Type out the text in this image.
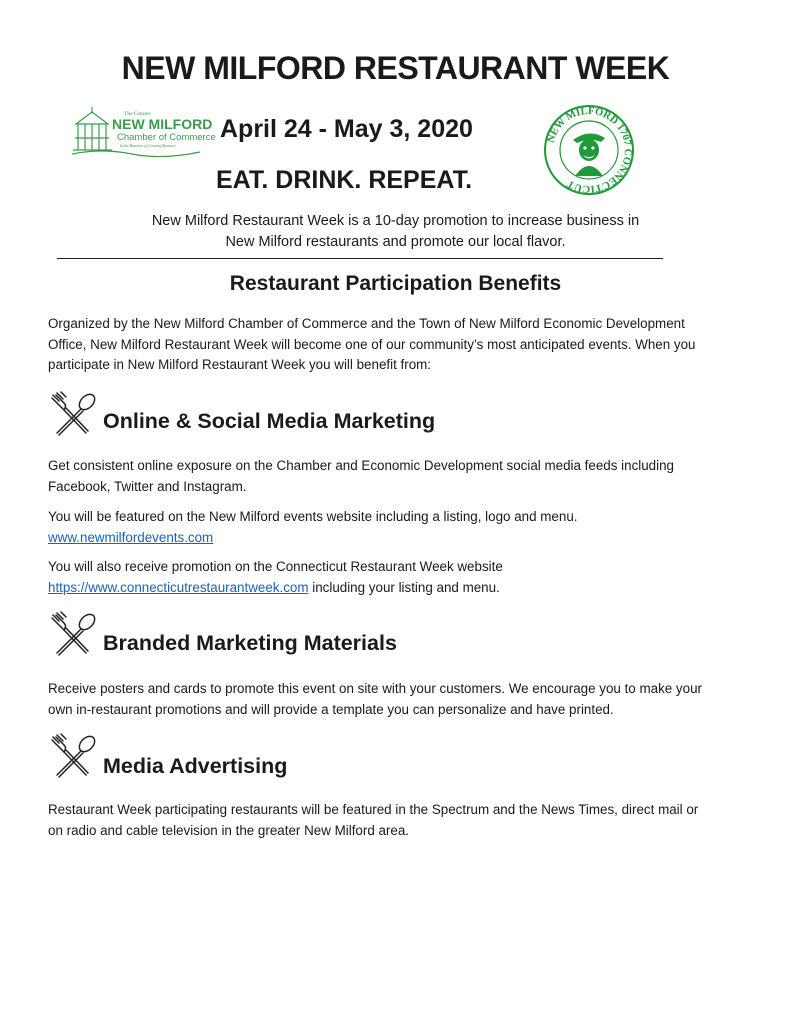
NEW MILFORD RESTAURANT WEEK
The Greater
NEW MILFORD
Chamber of Commerce
In the Business of Growing Business

April 24 - May 3, 2020

EAT. DRINK. REPEAT.

NEW MILFORD 1707 CONNECTICUT

New Milford Restaurant Week is a 10-day promotion to increase business in
New Milford restaurants and promote our local flavor.

Restaurant Participation Benefits

Organized by the New Milford Chamber of Commerce and the Town of New Milford Economic Development
Office, New Milford Restaurant Week will become one of our community’s most anticipated events. When you
participate in New Milford Restaurant Week you will benefit from:

Online & Social Media Marketing

Get consistent online exposure on the Chamber and Economic Development social media feeds including
Facebook, Twitter and Instagram.

You will be featured on the New Milford events website including a listing, logo and menu.
www.newmilfordevents.com

You will also receive promotion on the Connecticut Restaurant Week website
https://www.connecticutrestaurantweek.com including your listing and menu.

Branded Marketing Materials

Receive posters and cards to promote this event on site with your customers. We encourage you to make your
own in-restaurant promotions and will provide a template you can personalize and have printed.

Media Advertising

Restaurant Week participating restaurants will be featured in the Spectrum and the News Times, direct mail or
on radio and cable television in the greater New Milford area.
